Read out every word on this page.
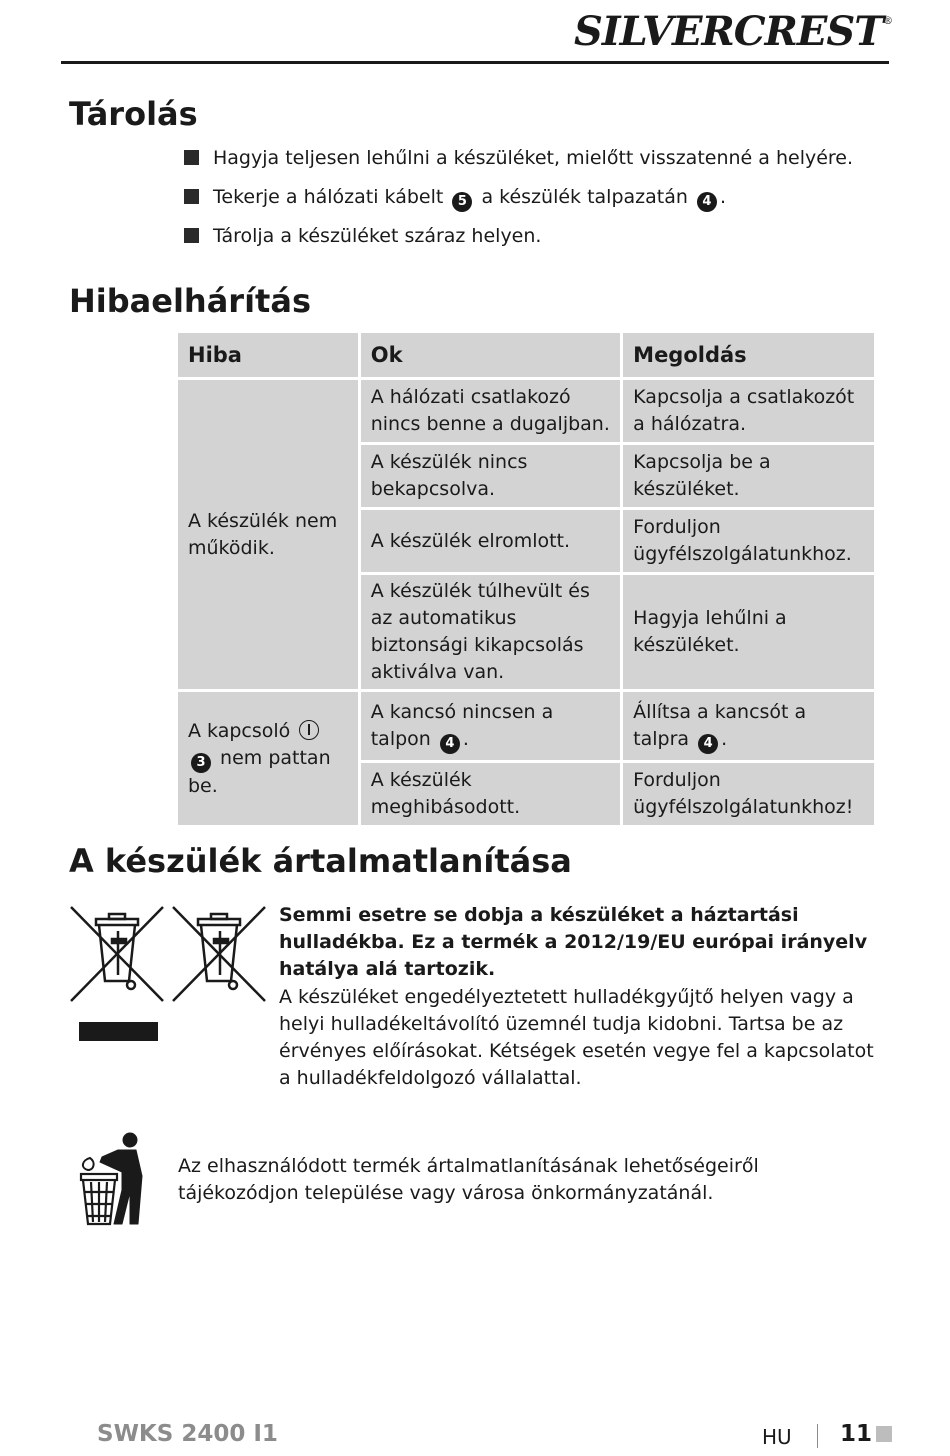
SILVERCREST®
Tárolás
Hagyja teljesen lehűlni a készüléket, mielőtt visszatenné a helyére.
Tekerje a hálózati kábelt 5 a készülék talpazatán 4 .
Tárolja a készüléket száraz helyen.
Hibaelhárítás
Hiba	Ok	Megoldás
A készülék nem működik.	A hálózati csatlakozó nincs benne a dugaljban.	Kapcsolja a csatlakozót a hálózatra.
	A készülék nincs bekapcsolva.	Kapcsolja be a készüléket.
	A készülék elromlott.	Forduljon ügyfélszolgálatunkhoz.
	A készülék túlhevült és az automatikus biztonsági kikapcsolás aktiválva van.	Hagyja lehűlni a készüléket.
A kapcsoló 3 nem pattan be.	A kancsó nincsen a talpon 4 .	Állítsa a kancsót a talpra 4 .
	A készülék meghibásodott.	Forduljon ügyfélszolgálatunkhoz!
A készülék ártalmatlanítása

Semmi esetre se dobja a készüléket a háztartási hulladékba. Ez a termék a 2012/19/EU európai irányelv hatálya alá tartozik.

A készüléket engedélyeztetett hulladékgyűjtő helyen vagy a helyi hulladékeltávolító üzemnél tudja kidobni. Tartsa be az érvényes előírásokat. Kétségek esetén vegye fel a kapcsolatot a hulladékfeldolgozó vállalattal.

Az elhasználódott termék ártalmatlanításának lehetőségeiről tájékozódjon települése vagy városa önkormányzatánál.

SWKS 2400 I1	HU 11
